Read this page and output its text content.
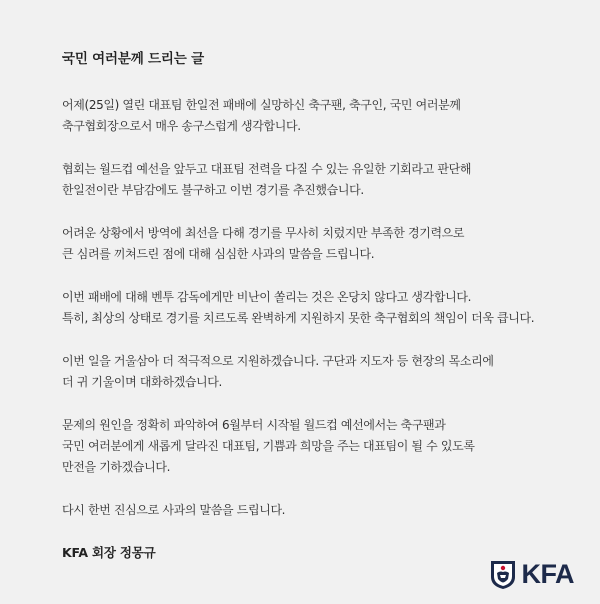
국민 여러분께 드리는 글
어제(25일) 열린 대표팀 한일전 패배에 실망하신 축구팬, 축구인, 국민 여러분께
축구협회장으로서 매우 송구스럽게 생각합니다.
협회는 월드컵 예선을 앞두고 대표팀 전력을 다질 수 있는 유일한 기회라고 판단해
한일전이란 부담감에도 불구하고 이번 경기를 추진했습니다.
어려운 상황에서 방역에 최선을 다해 경기를 무사히 치렀지만 부족한 경기력으로
큰 심려를 끼쳐드린 점에 대해 심심한 사과의 말씀을 드립니다.
이번 패배에 대해 벤투 감독에게만 비난이 쏠리는 것은 온당치 않다고 생각합니다.
특히, 최상의 상태로 경기를 치르도록 완벽하게 지원하지 못한 축구협회의 책임이 더욱 큽니다.
이번 일을 거울삼아 더 적극적으로 지원하겠습니다. 구단과 지도자 등 현장의 목소리에
더 귀 기울이며 대화하겠습니다.
문제의 원인을 정확히 파악하여 6월부터 시작될 월드컵 예선에서는 축구팬과
국민 여러분에게 새롭게 달라진 대표팀, 기쁨과 희망을 주는 대표팀이 될 수 있도록
만전을 기하겠습니다.
다시 한번 진심으로 사과의 말씀을 드립니다.
KFA 회장 정몽규
KFA
